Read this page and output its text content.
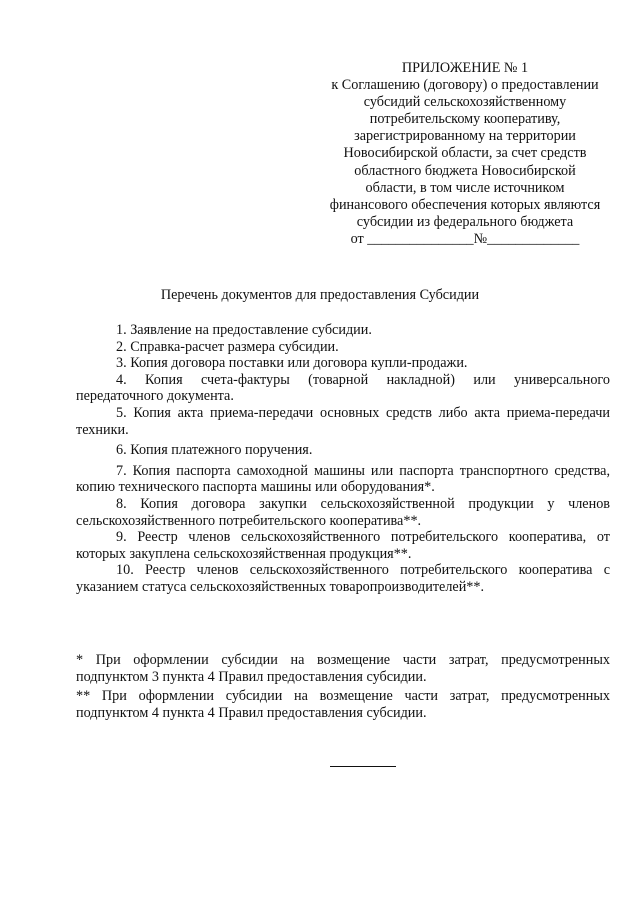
ПРИЛОЖЕНИЕ № 1
к Соглашению (договору) о предоставлении
субсидий сельскохозяйственному
потребительскому кооперативу,
зарегистрированному на территории
Новосибирской области, за счет средств
областного бюджета Новосибирской
области, в том числе источником
финансового обеспечения которых являются
субсидии из федерального бюджета
от _______________№_____________
Перечень документов для предоставления Субсидии

1. Заявление на предоставление субсидии.

2. Справка-расчет размера субсидии.

3. Копия договора поставки или договора купли-продажи.

4. Копия счета-фактуры (товарной накладной) или универсального передаточного документа.

5. Копия акта приема-передачи основных средств либо акта приема-передачи техники.

6. Копия платежного поручения.

7. Копия паспорта самоходной машины или паспорта транспортного средства, копию технического паспорта машины или оборудования*.

8. Копия договора закупки сельскохозяйственной продукции у членов сельскохозяйственного потребительского кооператива**.

9. Реестр членов сельскохозяйственного потребительского кооператива, от которых закуплена сельскохозяйственная продукция**.

10. Реестр членов сельскохозяйственного потребительского кооператива с указанием статуса сельскохозяйственных товаропроизводителей**.

* При оформлении субсидии на возмещение части затрат, предусмотренных подпунктом 3 пункта 4 Правил предоставления субсидии.

** При оформлении субсидии на возмещение части затрат, предусмотренных подпунктом 4 пункта 4 Правил предоставления субсидии.
